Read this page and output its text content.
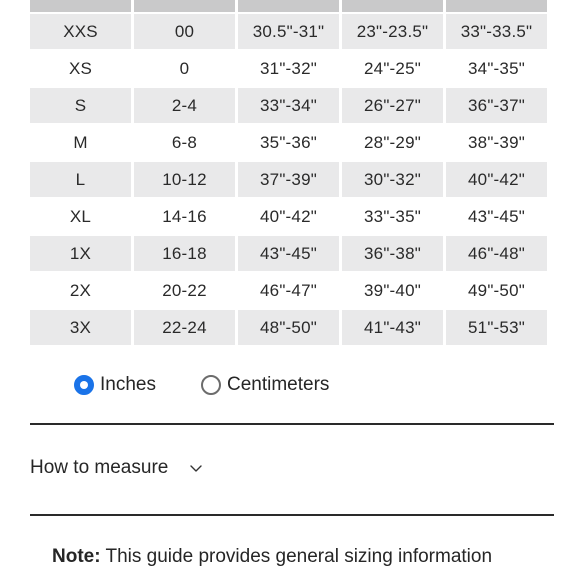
XXS	00	30.5"-31"	23"-23.5"	33"-33.5"
XS	0	31"-32"	24"-25"	34"-35"
S	2-4	33"-34"	26"-27"	36"-37"
M	6-8	35"-36"	28"-29"	38"-39"
L	10-12	37"-39"	30"-32"	40"-42"
XL	14-16	40"-42"	33"-35"	43"-45"
1X	16-18	43"-45"	36"-38"	46"-48"
2X	20-22	46"-47"	39"-40"	49"-50"
3X	22-24	48"-50"	41"-43"	51"-53"
Inches	Centimeters
How to measure
Note: This guide provides general sizing information
